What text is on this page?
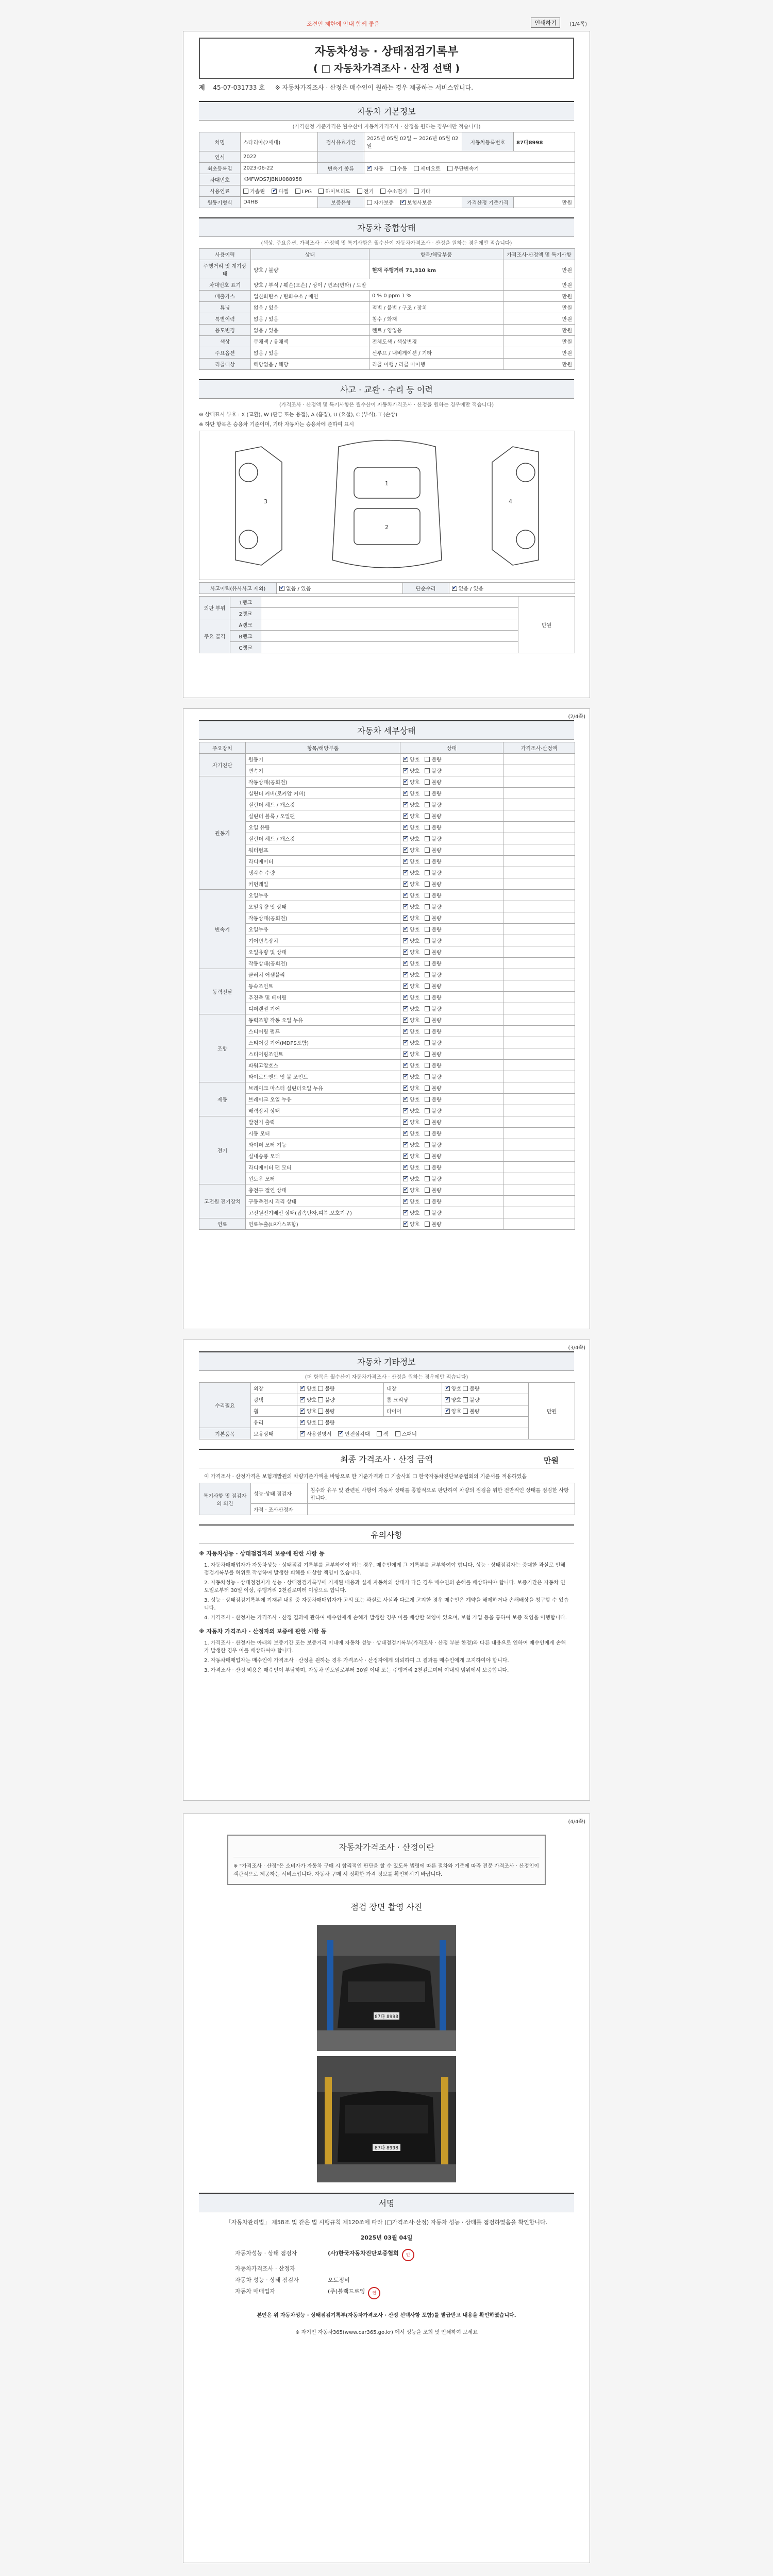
조견인 제한에 안내 함께 좋음	인쇄하기	(1/4쪽)
자동차성능 · 상태점검기록부
( □ 자동차가격조사 · 산정 선택 )
제 45-07-031733 호 ※ 자동차가격조사 · 산정은 매수인이 원하는 경우 제공하는 서비스입니다.
자동차 기본정보
(가격산정 기준가격은 월수산이 자동차가격조사 · 산정을 원하는 경우에만 적습니다)
차명	스타리아(2세대)	검사유효기간	2025년 05월 02일 ~ 2026년 05월 02일	자동차등록번호	87다8998
연식	2022				
최초등록일	2023-06-22	변속기 종류	✔자동 수동 세미오토 무단변속기
차대번호	KMFWDS7JBNU088958				
사용연료	가솔린 ✔ 디젤 LPG 하이브리드 전기 수소전기 기타
원동기형식	D4HB	보증유형	자가보증 ✔ 보험사보증	가격산정 기준가격	만원
자동차 종합상태
(색상, 주요옵션, 가격조사 · 산정액 및 특기사항은 월수산이 자동차가격조사 · 산정을 원하는 경우에만 적습니다)
사용이력	상태	항목/해당부품	가격조사·산정액 및 특기사항
주행거리 및 계기상태	양호 / 불량	현재 주행거리 71,310 km	만원
차대번호 표기	양호 / 부식 / 훼손(오손) / 상이 / 변조(변타) / 도말		만원
배출가스	일산화탄소 / 탄화수소 / 매연	0 % 0 ppm 1 %	만원
튜닝	없음 / 있음	적법 / 불법 / 구조 / 장치	만원
특별이력	없음 / 있음	침수 / 화재	만원
용도변경	없음 / 있음	렌트 / 영업용	만원
색상	무채색 / 유채색	전체도색 / 색상변경	만원
주요옵션	없음 / 있음	선루프 / 내비게이션 / 기타	만원
리콜대상	해당없음 / 해당	리콜 이행 / 리콜 미이행	만원
사고 · 교환 · 수리 등 이력
(가격조사 · 산정액 및 특기사항은 월수산이 자동차가격조사 · 산정을 원하는 경우에만 적습니다)
※ 상태표시 부호 : X (교환), W (판금 또는 용접), A (흠집), U (요철), C (부식), T (손상)
※ 하단 항목은 승용차 기준이며, 기타 자동차는 승용차에 준하여 표시
1
2
3	4
사고이력(유사사고 제외)	✔없음 / 있음	단순수리	✔없음 / 있음
외판 부위	1랭크		만원
	2랭크		
주요 골격	A랭크		
	B랭크		
	C랭크		
(2/4쪽)
자동차 세부상태
주요장치	항목/해당부품	상태	가격조사·산정액
자기진단	원동기	✔양호 불량	
	변속기	✔양호 불량	
원동기	작동상태(공회전)	✔양호 불량	
	실린더 커버(로커암 커버)	✔양호 불량	
	실린더 헤드 / 개스킷	✔양호 불량	
	실린더 블록 / 오일팬	✔양호 불량	
	오일 유량	✔양호 불량	
	실린더 헤드 / 개스킷	✔양호 불량	
	워터펌프	✔양호 불량	
	라디에이터	✔양호 불량	
	냉각수 수량	✔양호 불량	
	커먼레일	✔양호 불량	
변속기	오일누유	✔양호 불량	
	오일유량 및 상태	✔양호 불량	
	작동상태(공회전)	✔양호 불량	
	오일누유	✔양호 불량	
	기어변속장치	✔양호 불량	
	오일유량 및 상태	✔양호 불량	
	작동상태(공회전)	✔양호 불량	
동력전달	클러치 어셈블리	✔양호 불량	
	등속조인트	✔양호 불량	
	추진축 및 베어링	✔양호 불량	
	디퍼렌셜 기어	✔양호 불량	
조향	동력조향 작동 오일 누유	✔양호 불량	
	스티어링 펌프	✔양호 불량	
	스티어링 기어(MDPS포함)	✔양호 불량	
	스티어링조인트	✔양호 불량	
	파워고압호스	✔양호 불량	
	타이로드엔드 및 볼 조인트	✔양호 불량	
제동	브레이크 마스터 실린더오일 누유	✔양호 불량	
	브레이크 오일 누유	✔양호 불량	
	배력장치 상태	✔양호 불량	
전기	발전기 출력	✔양호 불량	
	시동 모터	✔양호 불량	
	와이퍼 모터 기능	✔양호 불량	
	실내송풍 모터	✔양호 불량	
	라디에이터 팬 모터	✔양호 불량	
	윈도우 모터	✔양호 불량	
고전원 전기장치	충전구 절연 상태	✔양호 불량	
	구동축전지 격리 상태	✔양호 불량	
	고전원전기배선 상태(접속단자,피복,보호기구)	✔양호 불량	
연료	연료누출(LP가스포함)	✔양호 불량	
(3/4쪽)
자동차 기타정보
(더 항목은 월수산이 자동차가격조사 · 산정을 원하는 경우에만 적습니다)
수리필요	외장	✔양호 불량	내장	✔양호 불량	만원
	광택	✔양호 불량	룸 크리닝	✔양호 불량
	휠	✔양호 불량	타이어	✔양호 불량
	유리	✔양호 불량
기본품목	보유상태	✔사용설명서 ✔ 안전삼각대 잭 스패너
최종 가격조사 · 산정 금액	만원
이 가격조사 · 산정가격은 보험개발원의 차량기준가액을 바탕으로 한 기준가격과 ☐ 기술사회 ☐ 한국자동차진단보증협회의 기준서를 적용하였음
특기사항 및 점검자의 의견	성능·상태 점검자	침수와 유무 및 관련된 사항이 자동차 상태를 종합적으로 판단하여 차량의 점검을 위한 전반적인 상태를 점검한 사항입니다.
	가격 · 조사산정자	
유의사항
※ 자동차성능 · 상태점검자의 보증에 관한 사항 등

1. 자동차매매업자가 자동차성능 · 상태점검 기록부를 교부하여야 하는 경우, 매수인에게 그 기록부를 교부하여야 합니다. 성능 · 상태점검자는 중대한 과실로 인해 점검기록부를 허위로 작성하여 발생한 피해를 배상할 책임이 있습니다.

2. 자동차성능 · 상태점검자가 성능 · 상태점검기록부에 기재된 내용과 실제 자동차의 상태가 다른 경우 매수인의 손해를 배상하여야 합니다. 보증기간은 자동차 인도일로부터 30일 이상, 주행거리 2천킬로미터 이상으로 합니다.

3. 성능 · 상태점검기록부에 기재된 내용 중 자동차매매업자가 고의 또는 과실로 사실과 다르게 고지한 경우 매수인은 계약을 해제하거나 손해배상을 청구할 수 있습니다.

4. 가격조사 · 산정자는 가격조사 · 산정 결과에 관하여 매수인에게 손해가 발생한 경우 이를 배상할 책임이 있으며, 보험 가입 등을 통하여 보증 책임을 이행합니다.

※ 자동차 가격조사 · 산정자의 보증에 관한 사항 등

1. 가격조사 · 산정자는 아래의 보증기간 또는 보증거리 이내에 자동차 성능 · 상태점검기록부(가격조사 · 산정 부분 한정)와 다른 내용으로 인하여 매수인에게 손해가 발생한 경우 이를 배상하여야 합니다.

2. 자동차매매업자는 매수인이 가격조사 · 산정을 원하는 경우 가격조사 · 산정자에게 의뢰하여 그 결과를 매수인에게 고지하여야 합니다.

3. 가격조사 · 산정 비용은 매수인이 부담하며, 자동차 인도일로부터 30일 이내 또는 주행거리 2천킬로미터 이내의 범위에서 보증합니다.

(4/4쪽)
자동차가격조사 · 산정이란
※ "가격조사 · 산정"은 소비자가 자동차 구매 시 합리적인 판단을 할 수 있도록 법령에 따른 절차와 기준에 따라 전문 가격조사 · 산정인이 객관적으로 제공하는 서비스입니다. 자동차 구매 시 정확한 가격 정보를 확인하시기 바랍니다.
점검 장면 촬영 사진
87다 8998
87다 8998
서명
「자동차관리법」 제58조 및 같은 법 시행규칙 제120조에 따라 (□가격조사·산정) 자동차 성능 · 상태를 점검하였음을 확인합니다.
2025년 03월 04일
자동차성능 · 상태 점검자	(사)한국자동차진단보증협회	인
자동차가격조사 · 산정자
자동차 성능 · 상태 점검자	오토정비
자동차 매매업자	(주)블랙드로잉	인
본인은 위 자동차성능 · 상태점검기록부(자동차가격조사 · 산정 선택사항 포함)를 발급받고 내용을 확인하였습니다.
※ 자기인 자동차365(www.car365.go.kr) 에서 성능을 조회 및 인쇄하여 보세요
